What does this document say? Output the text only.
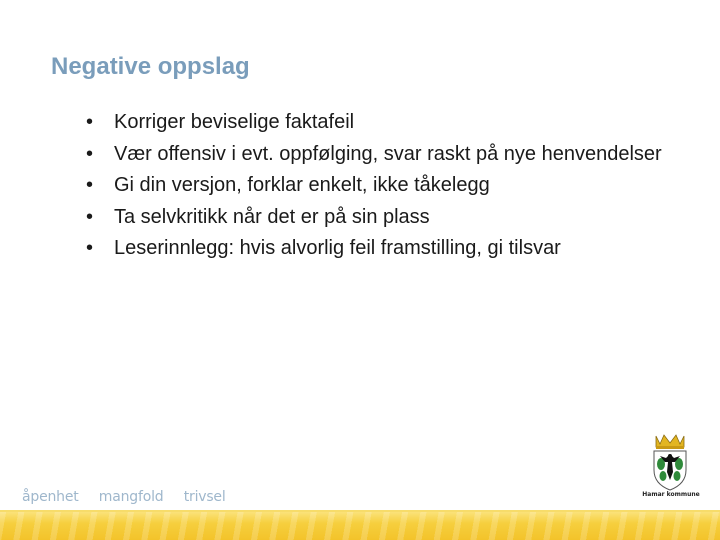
Negative oppslag
• Korriger beviselige faktafeil
• Vær offensiv i evt. oppfølging, svar raskt på nye henvendelser
• Gi din versjon, forklar enkelt, ikke tåkelegg
• Ta selvkritikk når det er på sin plass
• Leserinnlegg: hvis alvorlig feil framstilling, gi tilsvar
åpenhet mangfold trivsel	Hamar kommune
